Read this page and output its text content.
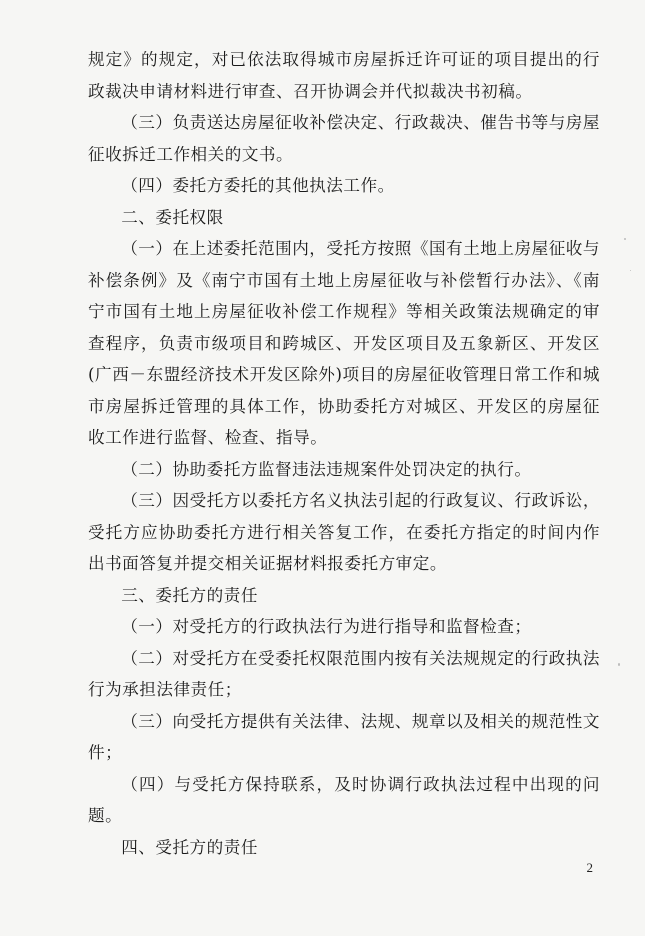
规定》的规定，对已依法取得城市房屋拆迁许可证的项目提出的行政裁决申请材料进行审查、召开协调会并代拟裁决书初稿。

（三）负责送达房屋征收补偿决定、行政裁决、催告书等与房屋征收拆迁工作相关的文书。

（四）委托方委托的其他执法工作。

二、委托权限

（一）在上述委托范围内，受托方按照《国有土地上房屋征收与补偿条例》及《南宁市国有土地上房屋征收与补偿暂行办法》、《南宁市国有土地上房屋征收补偿工作规程》等相关政策法规确定的审查程序，负责市级项目和跨城区、开发区项目及五象新区、开发区(广西－东盟经济技术开发区除外)项目的房屋征收管理日常工作和城市房屋拆迁管理的具体工作，协助委托方对城区、开发区的房屋征收工作进行监督、检查、指导。

（二）协助委托方监督违法违规案件处罚决定的执行。

（三）因受托方以委托方名义执法引起的行政复议、行政诉讼，受托方应协助委托方进行相关答复工作，在委托方指定的时间内作出书面答复并提交相关证据材料报委托方审定。

三、委托方的责任

（一）对受托方的行政执法行为进行指导和监督检查；

（二）对受托方在受委托权限范围内按有关法规规定的行政执法行为承担法律责任；

（三）向受托方提供有关法律、法规、规章以及相关的规范性文件；

（四）与受托方保持联系，及时协调行政执法过程中出现的问题。

四、受托方的责任

2
